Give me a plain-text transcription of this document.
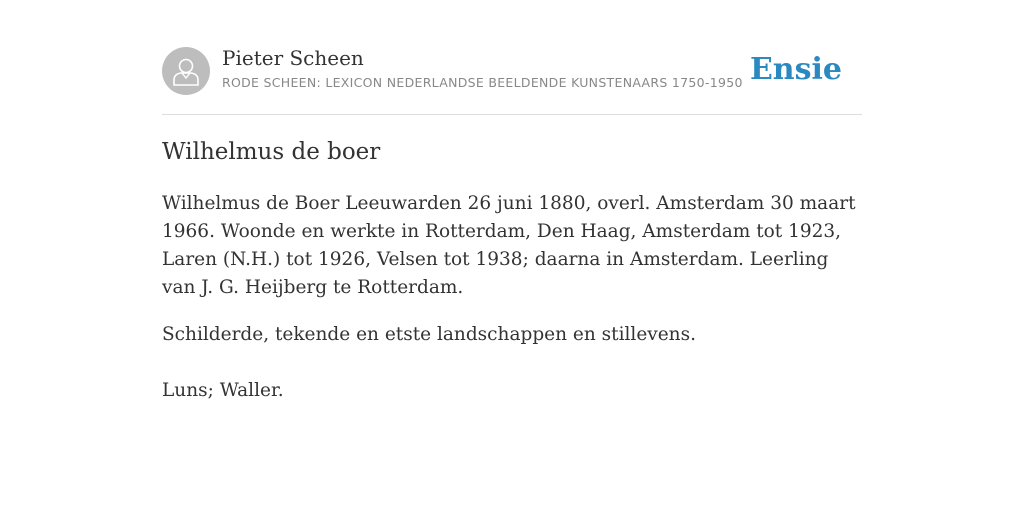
Pieter Scheen
RODE SCHEEN: LEXICON NEDERLANDSE BEELDENDE KUNSTENAARS 1750-1950 Ensie
Wilhelmus de boer

Wilhelmus de Boer Leeuwarden 26 juni 1880, overl. Amsterdam 30 maart 1966. Woonde en werkte in Rotterdam, Den Haag, Amsterdam tot 1923, Laren (N.H.) tot 1926, Velsen tot 1938; daarna in Amsterdam. Leerling van J. G. Heijberg te Rotterdam.

Schilderde, tekende en etste landschappen en stillevens.

Luns; Waller.
